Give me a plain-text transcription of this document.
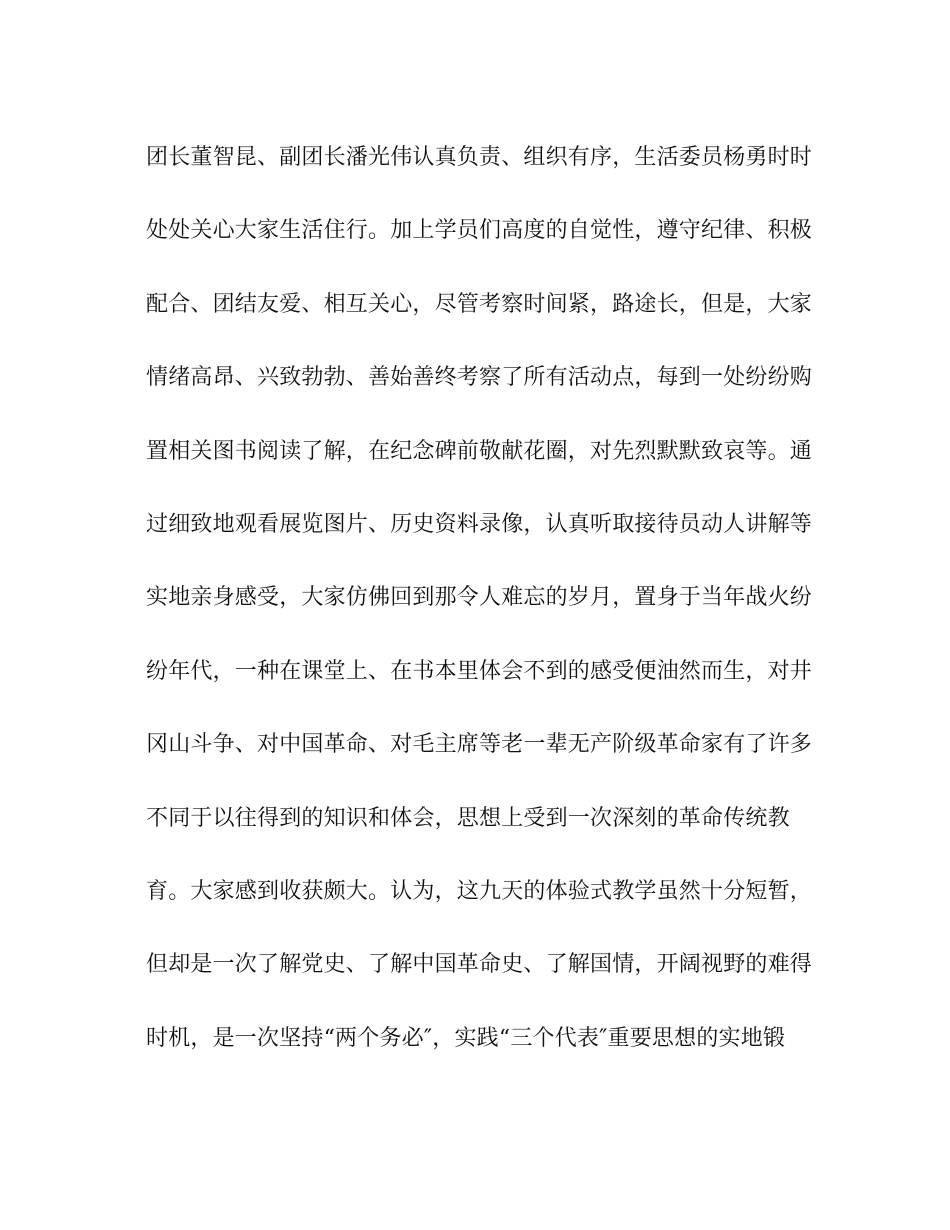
团长董智昆、副团长潘光伟认真负责、组织有序，生活委员杨勇时时
处处关心大家生活住行。加上学员们高度的自觉性，遵守纪律、积极
配合、团结友爱、相互关心，尽管考察时间紧，路途长，但是，大家
情绪高昂、兴致勃勃、善始善终考察了所有活动点，每到一处纷纷购
置相关图书阅读了解，在纪念碑前敬献花圈，对先烈默默致哀等。通
过细致地观看展览图片、历史资料录像，认真听取接待员动人讲解等
实地亲身感受，大家仿佛回到那令人难忘的岁月，置身于当年战火纷
纷年代，一种在课堂上、在书本里体会不到的感受便油然而生，对井
冈山斗争、对中国革命、对毛主席等老一辈无产阶级革命家有了许多
不同于以往得到的知识和体会，思想上受到一次深刻的革命传统教
育。大家感到收获颇大。认为，这九天的体验式教学虽然十分短暂，
但却是一次了解党史、了解中国革命史、了解国情，开阔视野的难得
时机，是一次坚持“两个务必″，实践“三个代表″重要思想的实地锻
